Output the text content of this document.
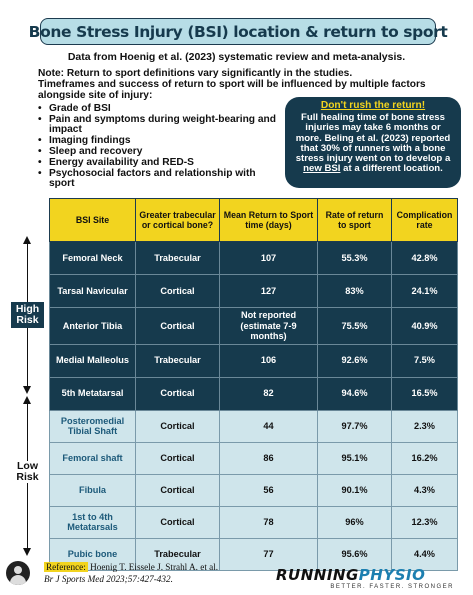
Bone Stress Injury (BSI) location & return to sport
Data from Hoenig et al. (2023) systematic review and meta-analysis.
Note: Return to sport definitions vary significantly in the studies.
Timeframes and success of return to sport will be influenced by multiple factors alongside site of injury:
• Grade of BSI
• Pain and symptoms during weight-bearing and impact
• Imaging findings
• Sleep and recovery
• Energy availability and RED-S
• Psychosocial factors and relationship with sport
Don't rush the return!
Full healing time of bone stress injuries may take 6 months or more. Beling et al. (2023) reported that 30% of runners with a bone stress injury went on to develop a new BSI at a different location.
High Risk
Low Risk
BSI Site	Greater trabecular or cortical bone?	Mean Return to Sport time (days)	Rate of return to sport	Complication rate
Femoral Neck	Trabecular	107	55.3%	42.8%
Tarsal Navicular	Cortical	127	83%	24.1%
Anterior Tibia	Cortical	Not reported (estimate 7-9 months)	75.5%	40.9%
Medial Malleolus	Trabecular	106	92.6%	7.5%
5th Metatarsal	Cortical	82	94.6%	16.5%
Posteromedial Tibial Shaft	Cortical	44	97.7%	2.3%
Femoral shaft	Cortical	86	95.1%	16.2%
Fibula	Cortical	56	90.1%	4.3%
1st to 4th Metatarsals	Cortical	78	96%	12.3%
Pubic bone	Trabecular	77	95.6%	4.4%
Reference: Hoenig T. Eissele J. Strahl A. et al.
Br J Sports Med 2023;57:427-432.	RUNNINGPHYSIO
BETTER. FASTER. STRONGER
